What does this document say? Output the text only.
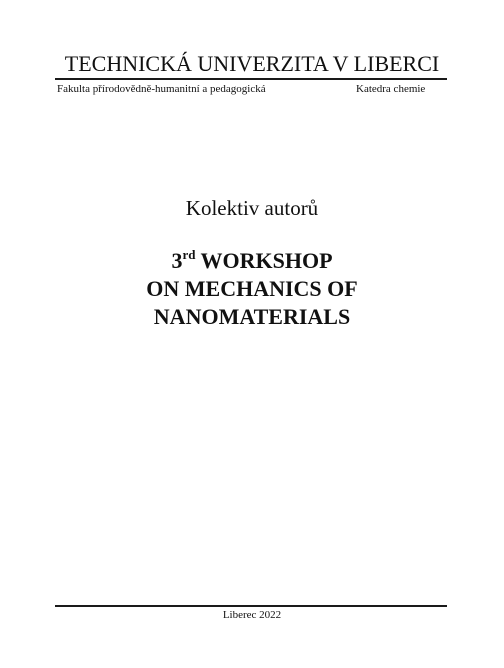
TECHNICKÁ UNIVERZITA V LIBERCI
Fakulta přírodovědně-humanitní a pedagogická	Katedra chemie
Kolektiv autorů
3rd WORKSHOP
ON MECHANICS OF
NANOMATERIALS
Liberec 2022
